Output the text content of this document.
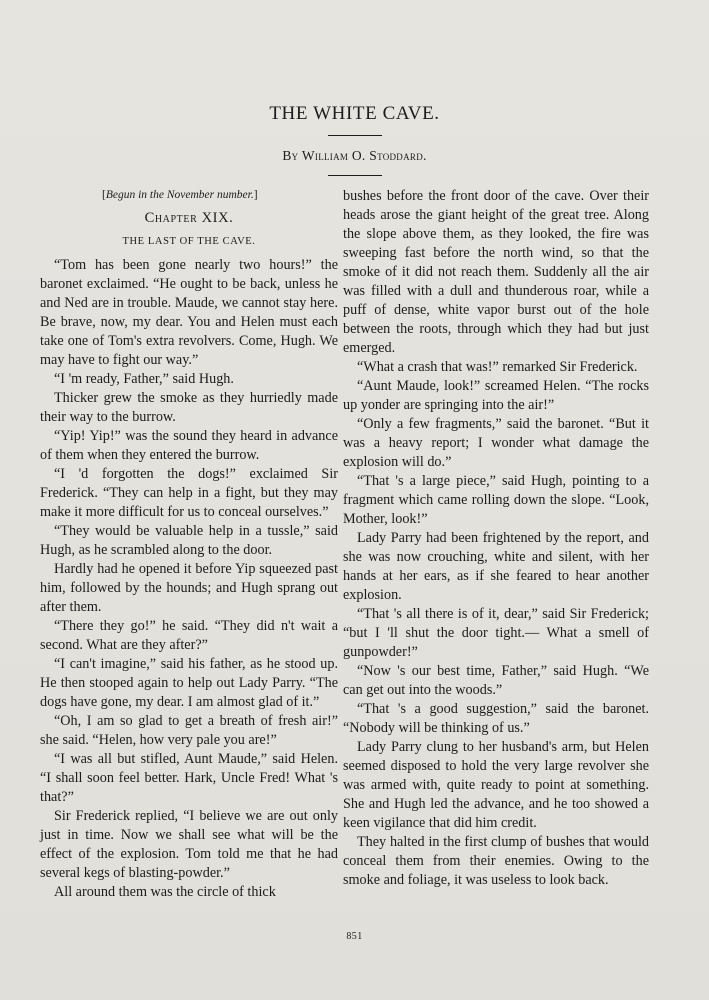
THE WHITE CAVE.
By William O. Stoddard.
[Begun in the November number.]
Chapter XIX.
THE LAST OF THE CAVE.

“Tom has been gone nearly two hours!” the baronet exclaimed. “He ought to be back, unless he and Ned are in trouble. Maude, we cannot stay here. Be brave, now, my dear. You and Helen must each take one of Tom's extra revolvers. Come, Hugh. We may have to fight our way.”

“I 'm ready, Father,” said Hugh.

Thicker grew the smoke as they hurriedly made their way to the burrow.

“Yip! Yip!” was the sound they heard in advance of them when they entered the burrow.

“I 'd forgotten the dogs!” exclaimed Sir Frederick. “They can help in a fight, but they may make it more difficult for us to conceal ourselves.”

“They would be valuable help in a tussle,” said Hugh, as he scrambled along to the door.

Hardly had he opened it before Yip squeezed past him, followed by the hounds; and Hugh sprang out after them.

“There they go!” he said. “They did n't wait a second. What are they after?”

“I can't imagine,” said his father, as he stood up. He then stooped again to help out Lady Parry. “The dogs have gone, my dear. I am almost glad of it.”

“Oh, I am so glad to get a breath of fresh air!” she said. “Helen, how very pale you are!”

“I was all but stifled, Aunt Maude,” said Helen. “I shall soon feel better. Hark, Uncle Fred! What 's that?”

Sir Frederick replied, “I believe we are out only just in time. Now we shall see what will be the effect of the explosion. Tom told me that he had several kegs of blasting-powder.”

All around them was the circle of thick

bushes before the front door of the cave. Over their heads arose the giant height of the great tree. Along the slope above them, as they looked, the fire was sweeping fast before the north wind, so that the smoke of it did not reach them. Suddenly all the air was filled with a dull and thunderous roar, while a puff of dense, white vapor burst out of the hole between the roots, through which they had but just emerged.

“What a crash that was!” remarked Sir Frederick.

“Aunt Maude, look!” screamed Helen. “The rocks up yonder are springing into the air!”

“Only a few fragments,” said the baronet. “But it was a heavy report; I wonder what damage the explosion will do.”

“That 's a large piece,” said Hugh, pointing to a fragment which came rolling down the slope. “Look, Mother, look!”

Lady Parry had been frightened by the report, and she was now crouching, white and silent, with her hands at her ears, as if she feared to hear another explosion.

“That 's all there is of it, dear,” said Sir Frederick; “but I 'll shut the door tight.— What a smell of gunpowder!”

“Now 's our best time, Father,” said Hugh. “We can get out into the woods.”

“That 's a good suggestion,” said the baronet. “Nobody will be thinking of us.”

Lady Parry clung to her husband's arm, but Helen seemed disposed to hold the very large revolver she was armed with, quite ready to point at something. She and Hugh led the advance, and he too showed a keen vigilance that did him credit.

They halted in the first clump of bushes that would conceal them from their enemies. Owing to the smoke and foliage, it was useless to look back.

851
